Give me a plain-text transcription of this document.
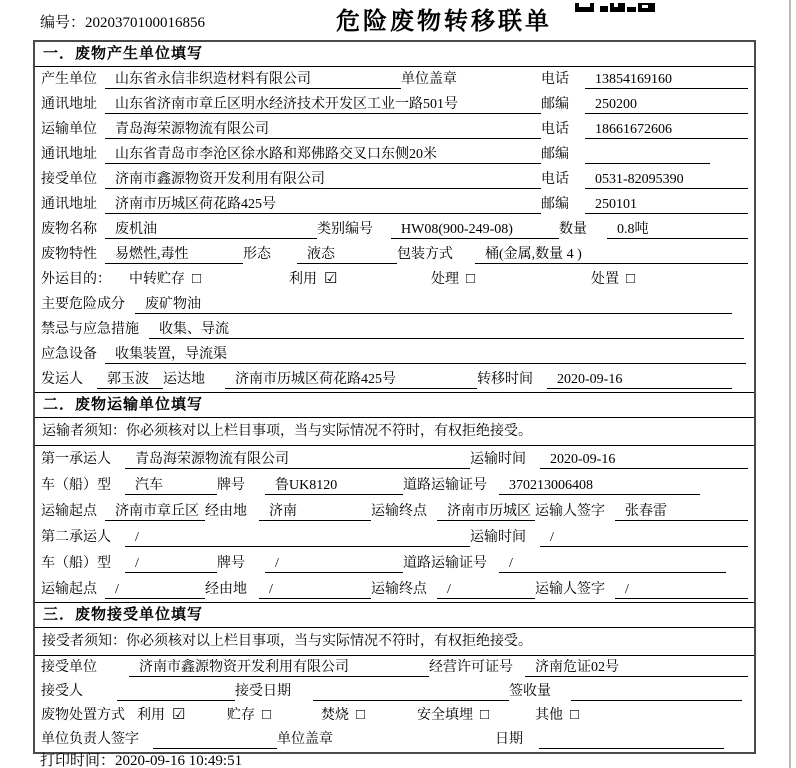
编号：2020370100016856	危险废物转移联单
一．废物产生单位填写
产生单位	山东省永信非织造材料有限公司	单位盖章	电话	13854169160
通讯地址	山东省济南市章丘区明水经济技术开发区工业一路501号	邮编	250200
运输单位	青岛海荣源物流有限公司	电话	18661672606
通讯地址	山东省青岛市李沧区徐水路和郑佛路交叉口东侧20米	邮编
接受单位	济南市鑫源物资开发利用有限公司	电话	0531-82095390
通讯地址	济南市历城区荷花路425号	邮编	250101
废物名称	废机油	类别编号	HW08(900-249-08)	数量	0.8吨
废物特性	易燃性,毒性	形态	液态	包装方式	桶(金属,数量 4 )
外运目的：	中转贮存 □	利用 ☑	处理 □	处置 □
主要危险成分	废矿物油
禁忌与应急措施	收集、导流
应急设备	收集装置，导流渠
发运人	郭玉波	运达地	济南市历城区荷花路425号	转移时间	2020-09-16
二．废物运输单位填写
运输者须知：你必须核对以上栏目事项，当与实际情况不符时，有权拒绝接受。
第一承运人	青岛海荣源物流有限公司	运输时间	2020-09-16
车（船）型	汽车	牌号	鲁UK8120	道路运输证号	370213006408
运输起点	济南市章丘区 经由地	济南	运输终点	济南市历城区 运输人签字	张春雷
第二承运人	/	运输时间	/
车（船）型	/	牌号	/	道路运输证号	/
运输起点	/	经由地	/	运输终点	/	运输人签字	/
三．废物接受单位填写
接受者须知：你必须核对以上栏目事项，当与实际情况不符时，有权拒绝接受。
接受单位	济南市鑫源物资开发利用有限公司	经营许可证号	济南危证02号
接受人	接受日期	签收量
废物处置方式 利用 ☑	贮存 □	焚烧 □	安全填埋 □	其他 □
单位负责人签字	单位盖章	日期
打印时间：2020-09-16 10:49:51
